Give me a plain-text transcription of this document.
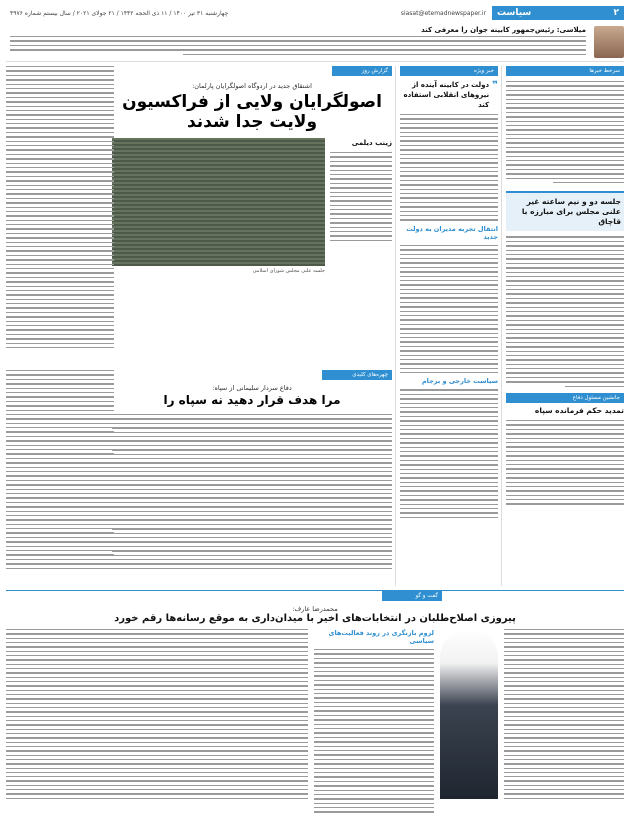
۲
سیاست
siasat@etemadnewspaper.ir
چهارشنبه ۳۱ تیر ۱۴۰۰ / ۱۱ ذی الحجه ۱۴۴۲ / ۲۱ جولای ۲۰۲۱ / سال بیستم شماره ۴۹۷۶
میلاسی: رئیس‌جمهور کابینه جوان را معرفی کند
سرخط خبرها
جلسه دو و نیم ساعته غیر علنی مجلس برای مبارزه با قاچاق
جانشین مسئول دفاع
تمدید حکم فرمانده سپاه
خبر ویژه
❞
دولت در کابینه آینده از نیروهای انقلابی استفاده کند
انتقال تجربه مدیران به دولت جدید
سیاست خارجی و برجام
گزارش روز
اشتقاق جدید در اردوگاه اصولگرایان پارلمان:
اصولگرایان ولایی از فراکسیون ولایت جدا شدند
زینب دیلمی
جلسه علنی مجلس شورای اسلامی
چهره‌های کلیدی
دفاع سردار سلیمانی از سپاه:
مرا هدف قرار دهید نه سپاه را
گفت و گو
محمدرضا عارف:
پیروزی اصلاح‌طلبان در انتخابات‌های اخیر با میدان‌داری به موقع رسانه‌ها رقم خورد
لزوم بازنگری در روند فعالیت‌های سیاسی
